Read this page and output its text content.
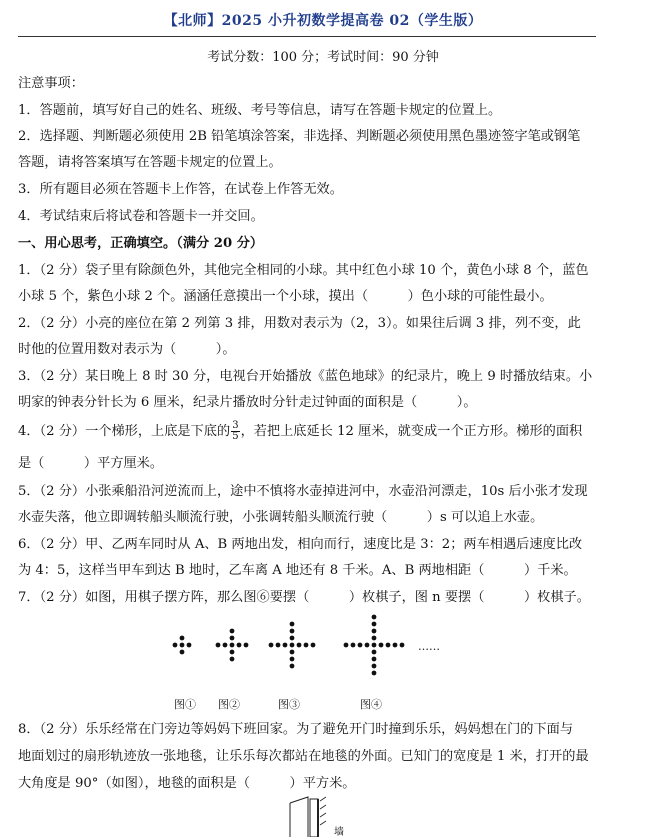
【北师】2025 小升初数学提高卷 02（学生版）
考试分数：100 分；考试时间：90 分钟
注意事项：
1．答题前，填写好自己的姓名、班级、考号等信息，请写在答题卡规定的位置上。
2．选择题、判断题必须使用 2B 铅笔填涂答案，非选择、判断题必须使用黑色墨迹签字笔或钢笔
答题，请将答案填写在答题卡规定的位置上。
3．所有题目必须在答题卡上作答，在试卷上作答无效。
4．考试结束后将试卷和答题卡一并交回。
一、用心思考，正确填空。（满分 20 分）
1．（2 分）袋子里有除颜色外，其他完全相同的小球。其中红色小球 10 个，黄色小球 8 个，蓝色
小球 5 个，紫色小球 2 个。涵涵任意摸出一个小球，摸出（　　　）色小球的可能性最小。
2．（2 分）小亮的座位在第 2 列第 3 排，用数对表示为（2，3）。如果往后调 3 排，列不变，此
时他的位置用数对表示为（　　　）。
3．（2 分）某日晚上 8 时 30 分，电视台开始播放《蓝色地球》的纪录片，晚上 9 时播放结束。小
明家的钟表分针长为 6 厘米，纪录片播放时分针走过钟面的面积是（　　　）。
4．（2 分）一个梯形，上底是下底的 $\frac{3}{5}$ ，若把上底延长 12 厘米，就变成一个正方形。梯形的面积
是（　　　）平方厘米。
5．（2 分）小张乘船沿河逆流而上，途中不慎将水壶掉进河中，水壶沿河漂走，10s 后小张才发现
水壶失落，他立即调转船头顺流行驶，小张调转船头顺流行驶（　　　）s 可以追上水壶。
6．（2 分）甲、乙两车同时从 A、B 两地出发，相向而行，速度比是 3：2；两车相遇后速度比改
为 4：5，这样当甲车到达 B 地时，乙车离 A 地还有 8 千米。A、B 两地相距（　　　）千米。
7．（2 分）如图，用棋子摆方阵，那么图⑥要摆（　　　）枚棋子，图 n 要摆（　　　）枚棋子。
……
图① 图②	图③	图④
8．（2 分）乐乐经常在门旁边等妈妈下班回家。为了避免开门时撞到乐乐，妈妈想在门的下面与
地面划过的扇形轨迹放一张地毯，让乐乐每次都站在地毯的外面。已知门的宽度是 1 米，打开的最
大角度是 90°（如图），地毯的面积是（　　　）平方米。
墙
